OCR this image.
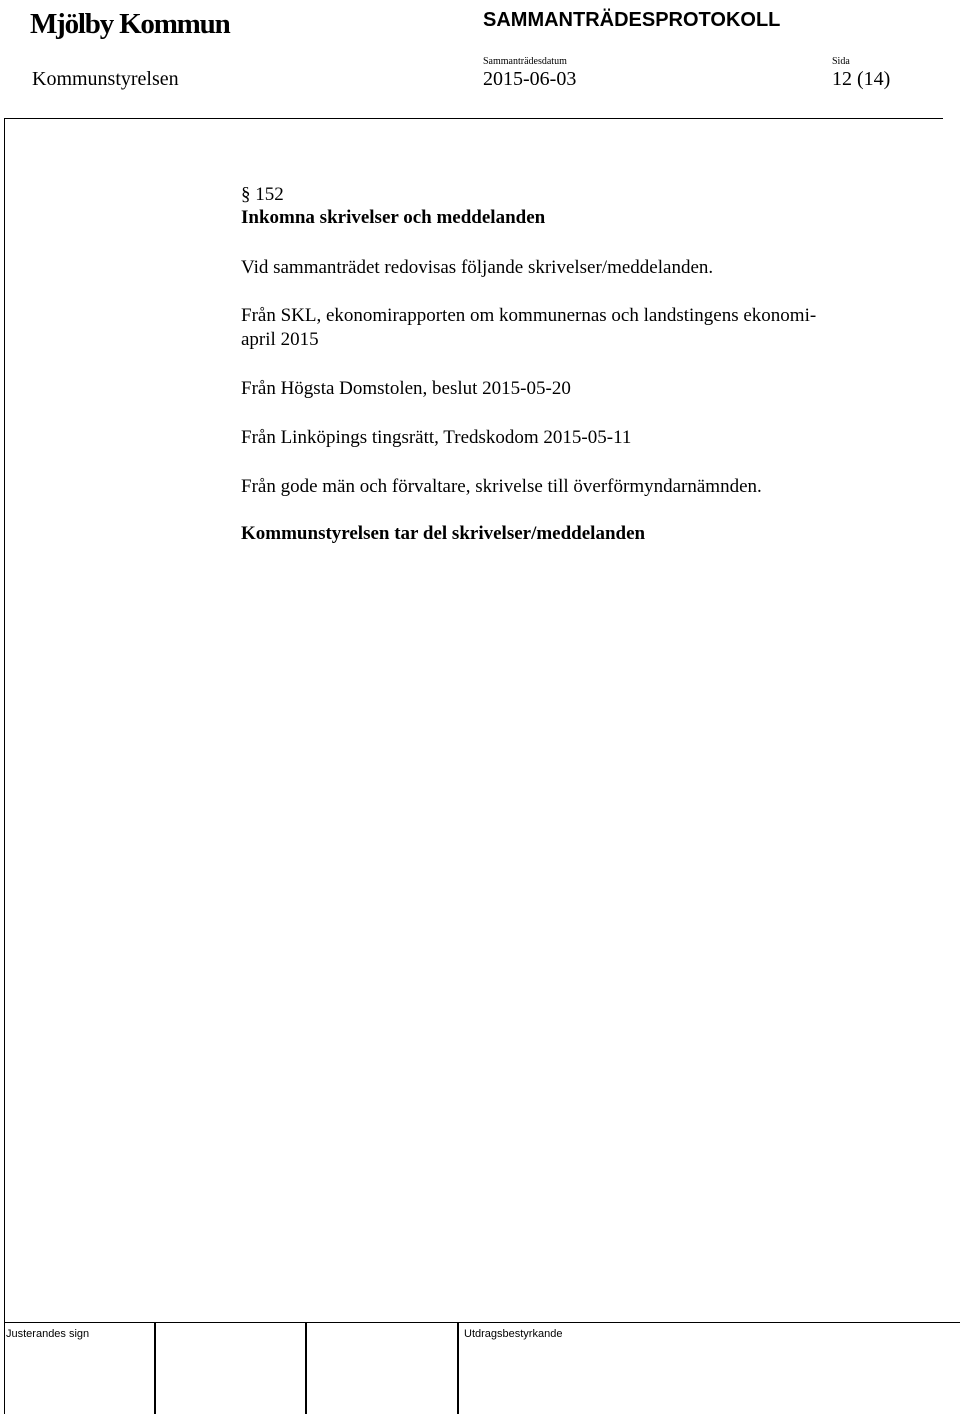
Mjölby Kommun	SAMMANTRÄDESPROTOKOLL
Sammanträdesdatum	Sida
Kommunstyrelsen	2015-06-03	12 (14)
§ 152
Inkomna skrivelser och meddelanden
Vid sammanträdet redovisas följande skrivelser/meddelanden.
Från SKL, ekonomirapporten om kommunernas och landstingens ekonomi-
april 2015
Från Högsta Domstolen, beslut 2015-05-20
Från Linköpings tingsrätt, Tredskodom 2015-05-11
Från gode män och förvaltare, skrivelse till överförmyndarnämnden.
Kommunstyrelsen tar del skrivelser/meddelanden
Justerandes sign	Utdragsbestyrkande
